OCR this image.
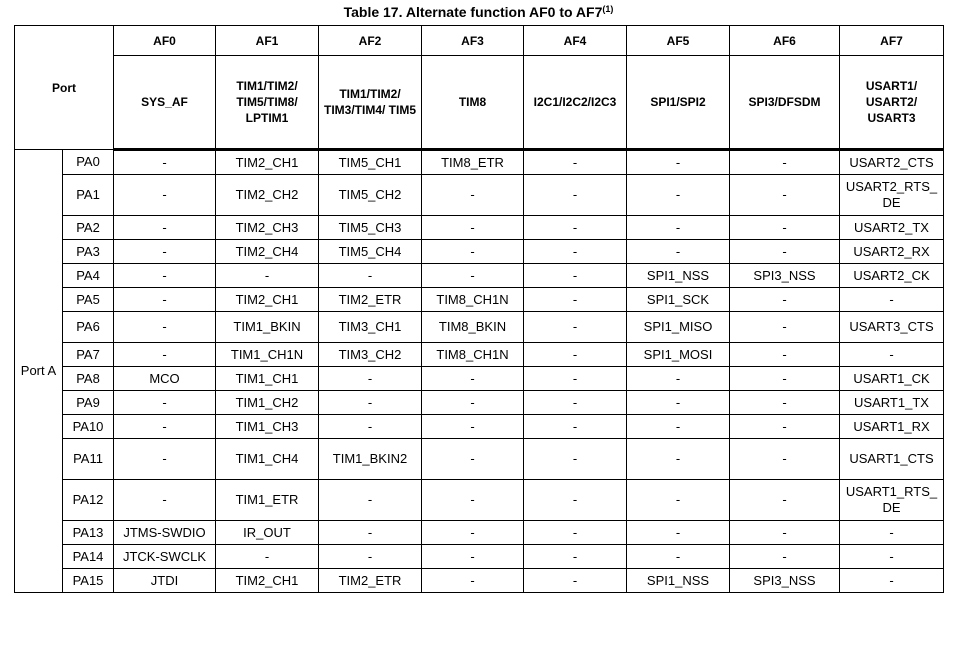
Table 17. Alternate function AF0 to AF7$^{(1)}$
Port		AF0	AF1	AF2	AF3	AF4	AF5	AF6	AF7
		SYS_AF	TIM1/TIM2/ TIM5/TIM8/ LPTIM1	TIM1/TIM2/ TIM3/TIM4/ TIM5	TIM8	I2C1/I2C2/I2C3	SPI1/SPI2	SPI3/DFSDM	USART1/ USART2/ USART3
Port A	PA0	-	TIM2_CH1	TIM5_CH1	TIM8_ETR	-	-	-	USART2_CTS
	PA1	-	TIM2_CH2	TIM5_CH2	-	-	-	-	USART2_RTS_ DE
	PA2	-	TIM2_CH3	TIM5_CH3	-	-	-	-	USART2_TX
	PA3	-	TIM2_CH4	TIM5_CH4	-	-	-	-	USART2_RX
	PA4	-	-	-	-	-	SPI1_NSS	SPI3_NSS	USART2_CK
	PA5	-	TIM2_CH1	TIM2_ETR	TIM8_CH1N	-	SPI1_SCK	-	-
	PA6	-	TIM1_BKIN	TIM3_CH1	TIM8_BKIN	-	SPI1_MISO	-	USART3_CTS
	PA7	-	TIM1_CH1N	TIM3_CH2	TIM8_CH1N	-	SPI1_MOSI	-	-
	PA8	MCO	TIM1_CH1	-	-	-	-	-	USART1_CK
	PA9	-	TIM1_CH2	-	-	-	-	-	USART1_TX
	PA10	-	TIM1_CH3	-	-	-	-	-	USART1_RX
	PA11	-	TIM1_CH4	TIM1_BKIN2	-	-	-	-	USART1_CTS
	PA12	-	TIM1_ETR	-	-	-	-	-	USART1_RTS_ DE
	PA13	JTMS-SWDIO	IR_OUT	-	-	-	-	-	-
	PA14	JTCK-SWCLK	-	-	-	-	-	-	-
	PA15	JTDI	TIM2_CH1	TIM2_ETR	-	-	SPI1_NSS	SPI3_NSS	-
